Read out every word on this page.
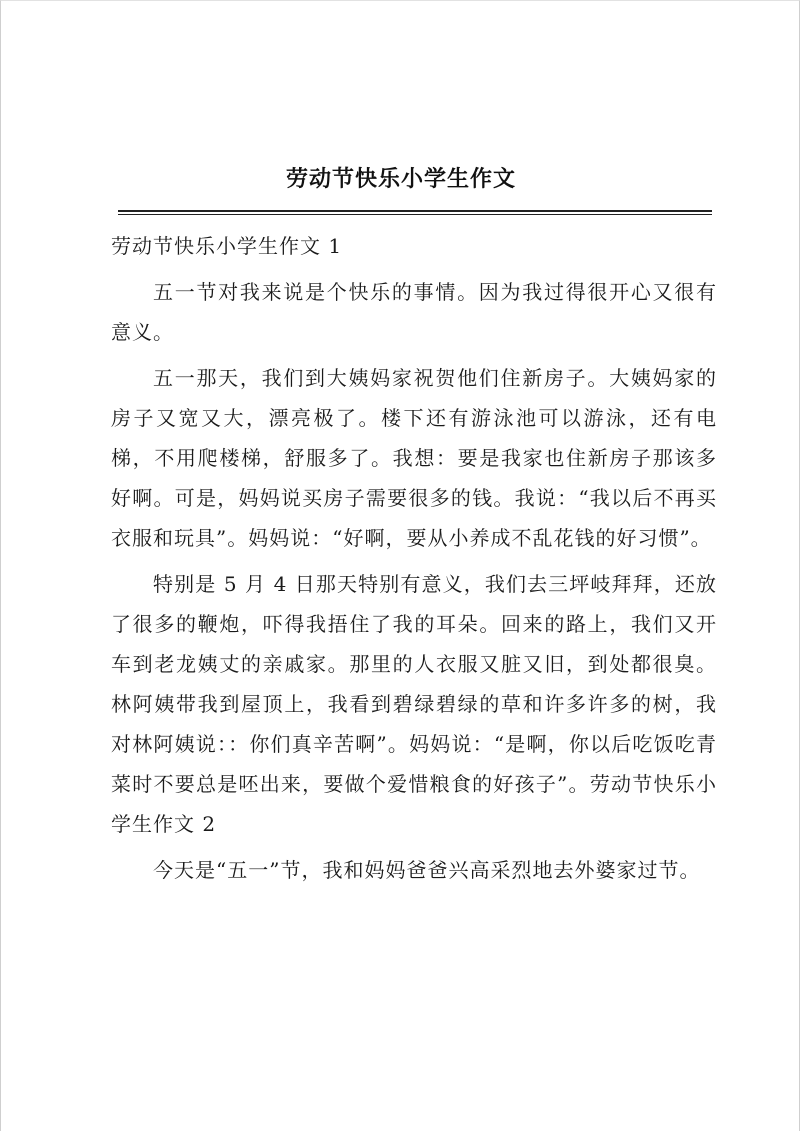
劳动节快乐小学生作文

劳动节快乐小学生作文 1

五一节对我来说是个快乐的事情。因为我过得很开心又很有意义。

五一那天，我们到大姨妈家祝贺他们住新房子。大姨妈家的房子又宽又大，漂亮极了。楼下还有游泳池可以游泳，还有电梯，不用爬楼梯，舒服多了。我想：要是我家也住新房子那该多好啊。可是，妈妈说买房子需要很多的钱。我说：“我以后不再买衣服和玩具”。妈妈说：“好啊，要从小养成不乱花钱的好习惯”。

特别是 5 月 4 日那天特别有意义，我们去三坪岐拜拜，还放了很多的鞭炮，吓得我捂住了我的耳朵。回来的路上，我们又开车到老龙姨丈的亲戚家。那里的人衣服又脏又旧，到处都很臭。林阿姨带我到屋顶上，我看到碧绿碧绿的草和许多许多的树，我对林阿姨说：：你们真辛苦啊”。妈妈说：“是啊，你以后吃饭吃青菜时不要总是呸出来，要做个爱惜粮食的好孩子”。劳动节快乐小学生作文 2

今天是“五一”节，我和妈妈爸爸兴高采烈地去外婆家过节。
